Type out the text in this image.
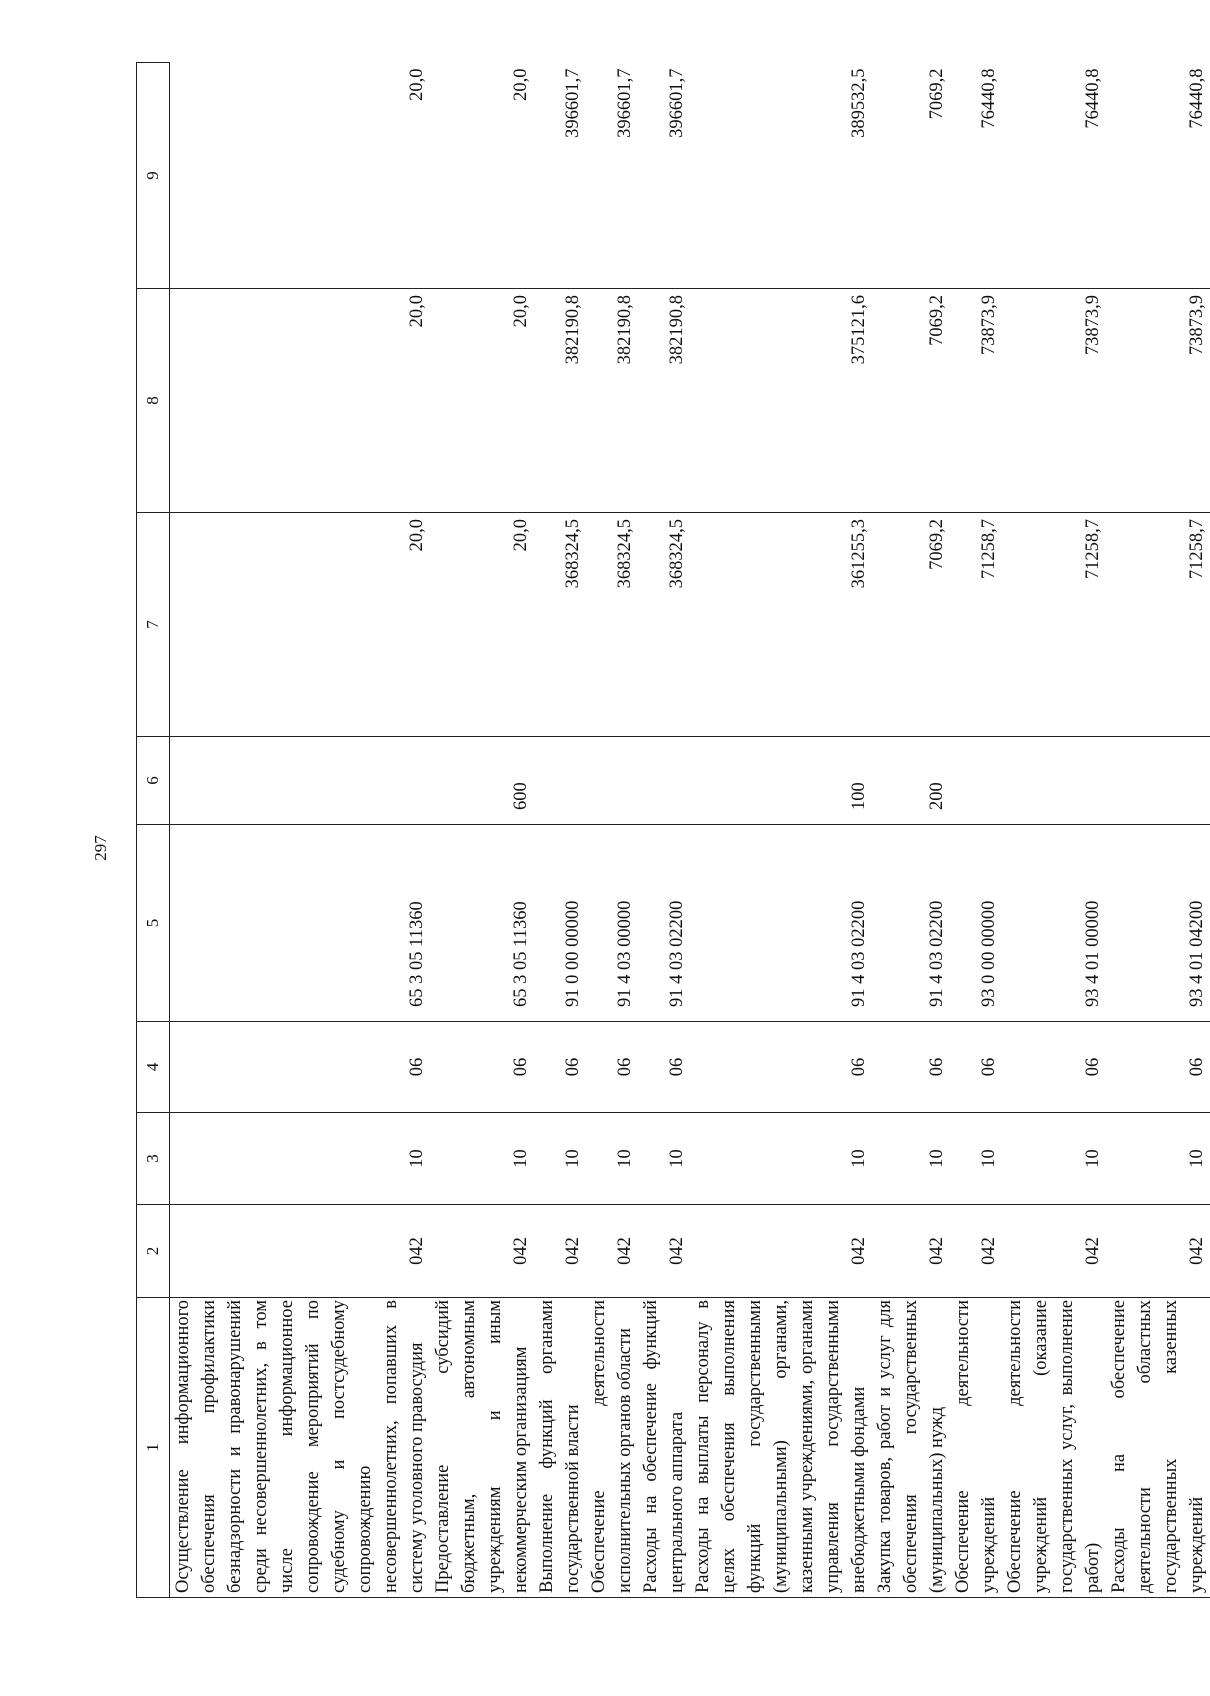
297
1	2	3	4	5	6	7	8	9
Осуществление информационного обеспечения профилактики безнадзорности и правонарушений среди несовершеннолетних, в том числе информационное сопровождение мероприятий по судебному и постсудебному сопровождению несовершеннолетних, попавших в систему уголовного правосудия	042	10	06	65 3 05 11360		20,0	20,0	20,0
Предоставление субсидий бюджетным, автономным учреждениям и иным некоммерческим организациям	042	10	06	65 3 05 11360	600	20,0	20,0	20,0
Выполнение функций органами государственной власти	042	10	06	91 0 00 00000		368324,5	382190,8	396601,7
Обеспечение деятельности исполнительных органов области	042	10	06	91 4 03 00000		368324,5	382190,8	396601,7
Расходы на обеспечение функций центрального аппарата	042	10	06	91 4 03 02200		368324,5	382190,8	396601,7
Расходы на выплаты персоналу в целях обеспечения выполнения функций государственными (муниципальными) органами, казенными учреждениями, органами управления государственными внебюджетными фондами	042	10	06	91 4 03 02200	100	361255,3	375121,6	389532,5
Закупка товаров, работ и услуг для обеспечения государственных (муниципальных) нужд	042	10	06	91 4 03 02200	200	7069,2	7069,2	7069,2
Обеспечение деятельности учреждений	042	10	06	93 0 00 00000		71258,7	73873,9	76440,8
Обеспечение деятельности учреждений (оказание государственных услуг, выполнение работ)	042	10	06	93 4 01 00000		71258,7	73873,9	76440,8
Расходы на обеспечение деятельности областных государственных казенных учреждений	042	10	06	93 4 01 04200		71258,7	73873,9	76440,8
